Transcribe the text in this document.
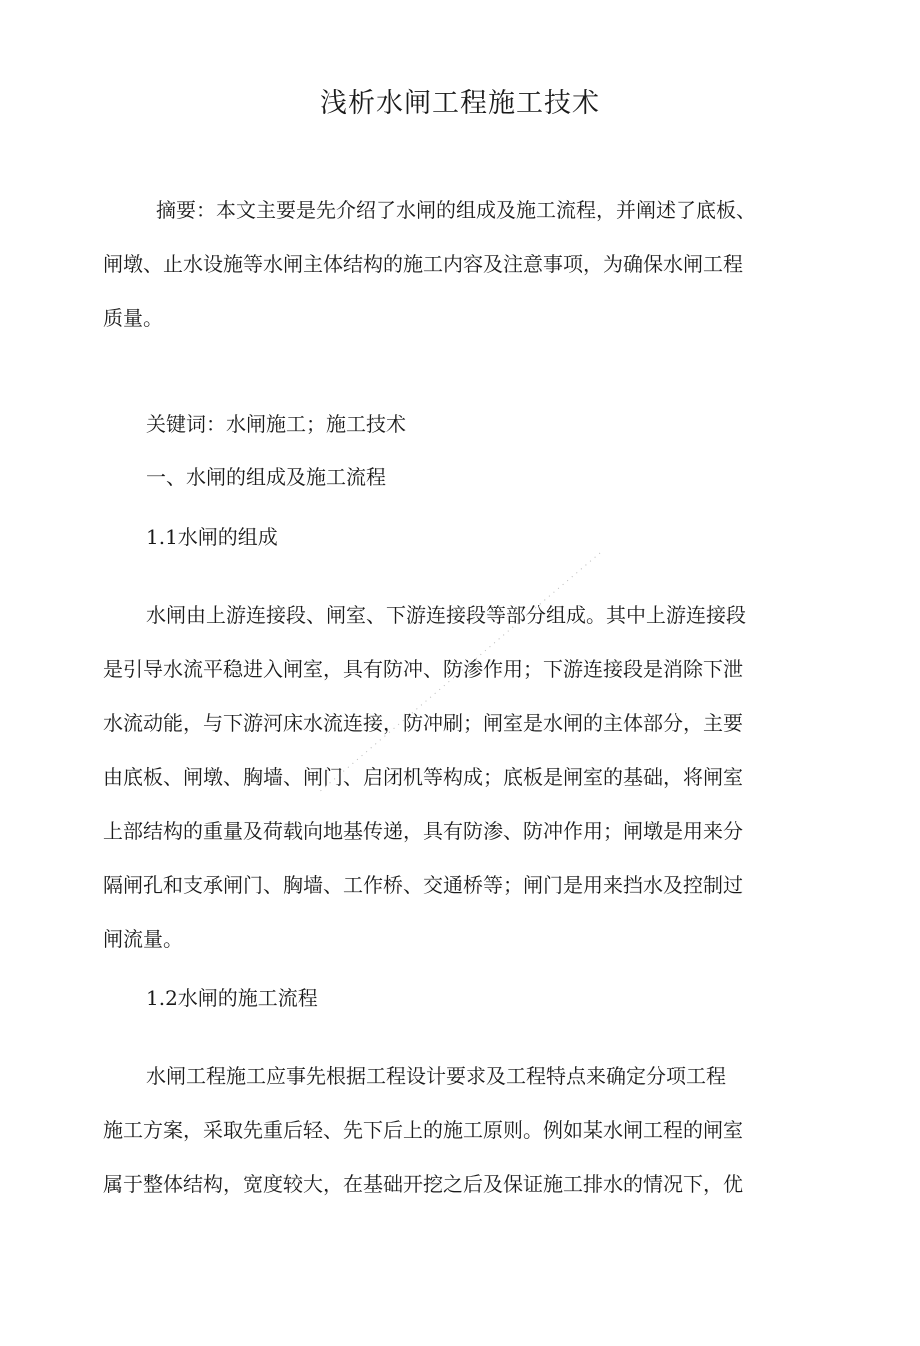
浅析水闸工程施工技术
摘要：本文主要是先介绍了水闸的组成及施工流程，并阐述了底板、
闸墩、止水设施等水闸主体结构的施工内容及注意事项，为确保水闸工程
质量。
关键词：水闸施工；施工技术
一、水闸的组成及施工流程
1.1水闸的组成
水闸由上游连接段、闸室、下游连接段等部分组成。其中上游连接段
是引导水流平稳进入闸室，具有防冲、防渗作用；下游连接段是消除下泄
水流动能，与下游河床水流连接，防冲刷；闸室是水闸的主体部分，主要
由底板、闸墩、胸墙、闸门、启闭机等构成；底板是闸室的基础，将闸室
上部结构的重量及荷载向地基传递，具有防渗、防冲作用；闸墩是用来分
隔闸孔和支承闸门、胸墙、工作桥、交通桥等；闸门是用来挡水及控制过
闸流量。
1.2水闸的施工流程
水闸工程施工应事先根据工程设计要求及工程特点来确定分项工程
施工方案，采取先重后轻、先下后上的施工原则。例如某水闸工程的闸室
属于整体结构，宽度较大，在基础开挖之后及保证施工排水的情况下，优
